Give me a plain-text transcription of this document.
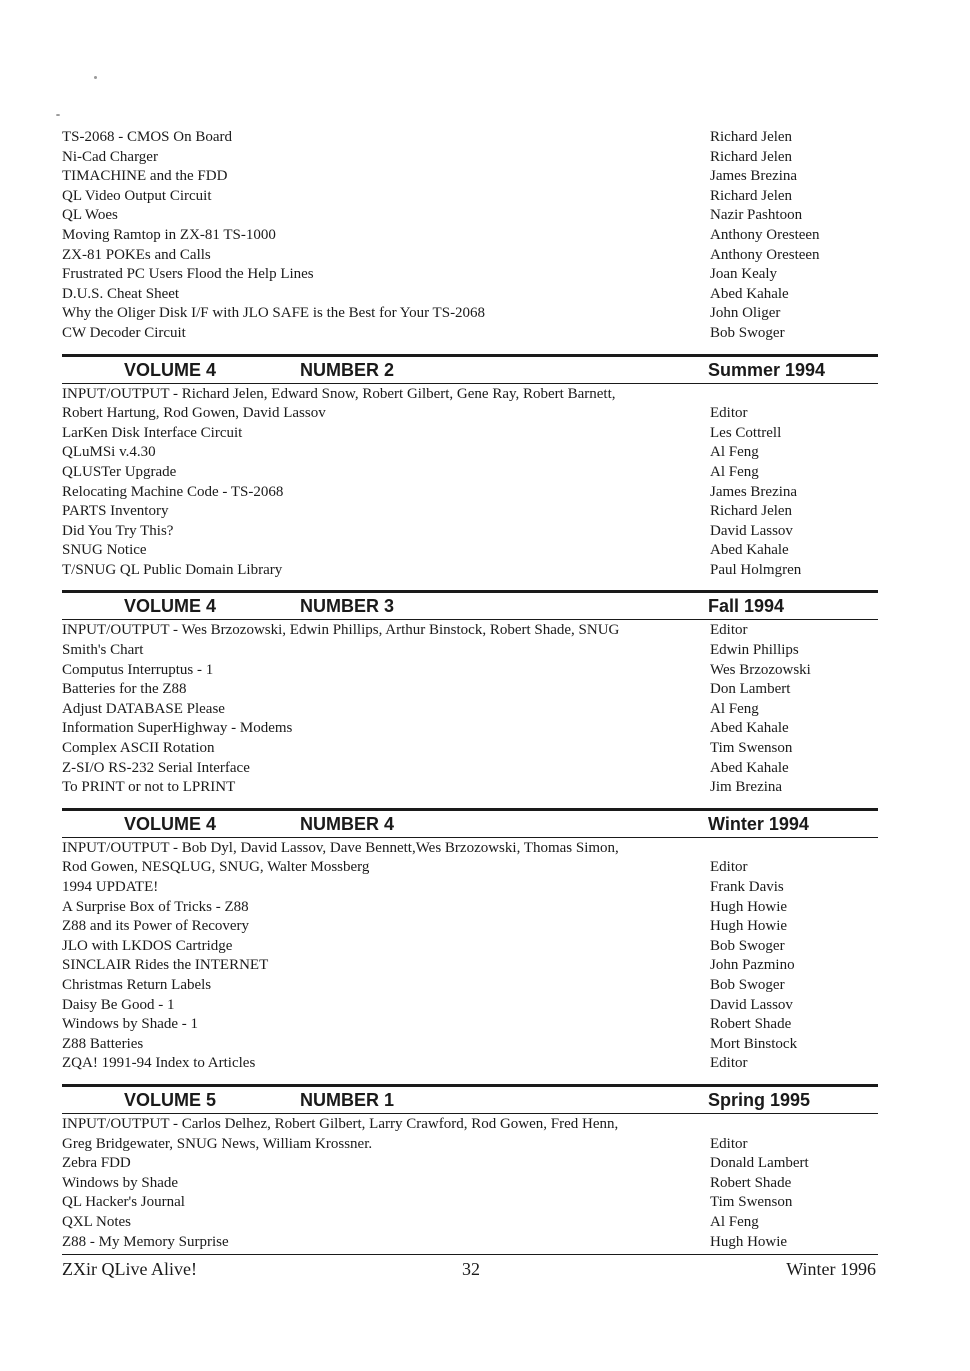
TS-2068 - CMOS On Board	Richard Jelen
Ni-Cad Charger	Richard Jelen
TIMACHINE and the FDD	James Brezina
QL Video Output Circuit	Richard Jelen
QL Woes	Nazir Pashtoon
Moving Ramtop in ZX-81 TS-1000	Anthony Oresteen
ZX-81 POKEs and Calls	Anthony Oresteen
Frustrated PC Users Flood the Help Lines	Joan Kealy
D.U.S. Cheat Sheet	Abed Kahale
Why the Oliger Disk I/F with JLO SAFE is the Best for Your TS-2068	John Oliger
CW Decoder Circuit	Bob Swoger
VOLUME 4	NUMBER 2	Summer 1994
INPUT/OUTPUT - Richard Jelen, Edward Snow, Robert Gilbert, Gene Ray, Robert Barnett,
Robert Hartung, Rod Gowen, David Lassov	Editor
LarKen Disk Interface Circuit	Les Cottrell
QLuMSi v.4.30	Al Feng
QLUSTer Upgrade	Al Feng
Relocating Machine Code - TS-2068	James Brezina
PARTS Inventory	Richard Jelen
Did You Try This?	David Lassov
SNUG Notice	Abed Kahale
T/SNUG QL Public Domain Library	Paul Holmgren
VOLUME 4	NUMBER 3	Fall 1994
INPUT/OUTPUT - Wes Brzozowski, Edwin Phillips, Arthur Binstock, Robert Shade, SNUG	Editor
Smith's Chart	Edwin Phillips
Computus Interruptus - 1	Wes Brzozowski
Batteries for the Z88	Don Lambert
Adjust DATABASE Please	Al Feng
Information SuperHighway - Modems	Abed Kahale
Complex ASCII Rotation	Tim Swenson
Z-SI/O RS-232 Serial Interface	Abed Kahale
To PRINT or not to LPRINT	Jim Brezina
VOLUME 4	NUMBER 4	Winter 1994
INPUT/OUTPUT - Bob Dyl, David Lassov, Dave Bennett,Wes Brzozowski, Thomas Simon,
Rod Gowen, NESQLUG, SNUG, Walter Mossberg	Editor
1994 UPDATE!	Frank Davis
A Surprise Box of Tricks - Z88	Hugh Howie
Z88 and its Power of Recovery	Hugh Howie
JLO with LKDOS Cartridge	Bob Swoger
SINCLAIR Rides the INTERNET	John Pazmino
Christmas Return Labels	Bob Swoger
Daisy Be Good - 1	David Lassov
Windows by Shade - 1	Robert Shade
Z88 Batteries	Mort Binstock
ZQA! 1991-94 Index to Articles	Editor
VOLUME 5	NUMBER 1	Spring 1995
INPUT/OUTPUT - Carlos Delhez, Robert Gilbert, Larry Crawford, Rod Gowen, Fred Henn,
Greg Bridgewater, SNUG News, William Krossner.	Editor
Zebra FDD	Donald Lambert
Windows by Shade	Robert Shade
QL Hacker's Journal	Tim Swenson
QXL Notes	Al Feng
Z88 - My Memory Surprise	Hugh Howie
ZXir QLive Alive!	32	Winter 1996
